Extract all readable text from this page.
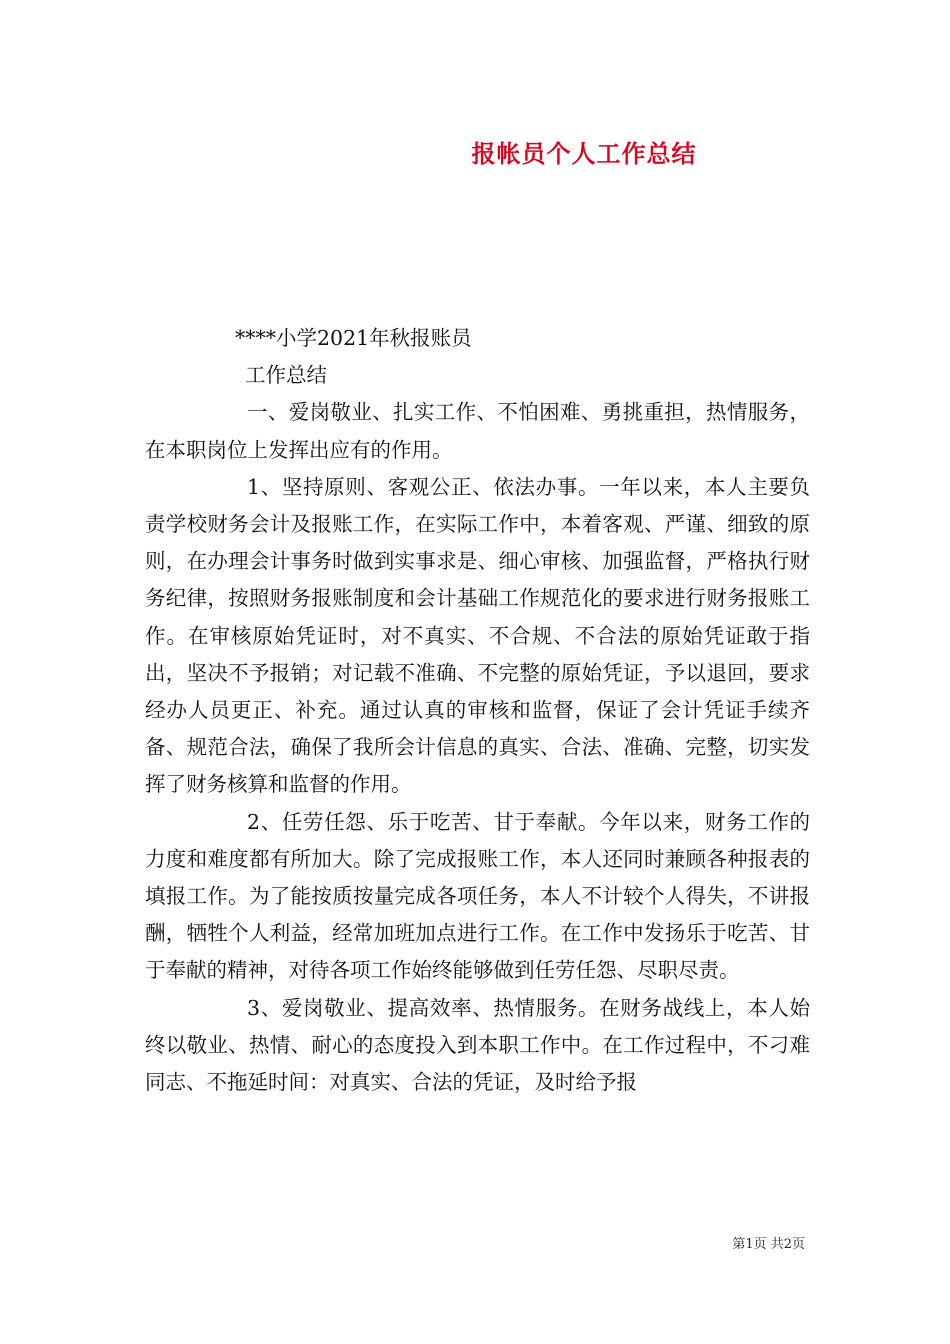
报帐员个人工作总结

****小学2021年秋报账员

工作总结

一、爱岗敬业、扎实工作、不怕困难、勇挑重担，热情服务，在本职岗位上发挥出应有的作用。

1、坚持原则、客观公正、依法办事。一年以来，本人主要负责学校财务会计及报账工作，在实际工作中，本着客观、严谨、细致的原则，在办理会计事务时做到实事求是、细心审核、加强监督，严格执行财务纪律，按照财务报账制度和会计基础工作规范化的要求进行财务报账工作。在审核原始凭证时，对不真实、不合规、不合法的原始凭证敢于指出，坚决不予报销；对记载不准确、不完整的原始凭证，予以退回，要求经办人员更正、补充。通过认真的审核和监督，保证了会计凭证手续齐备、规范合法，确保了我所会计信息的真实、合法、准确、完整，切实发挥了财务核算和监督的作用。

2、任劳任怨、乐于吃苦、甘于奉献。今年以来，财务工作的力度和难度都有所加大。除了完成报账工作，本人还同时兼顾各种报表的填报工作。为了能按质按量完成各项任务，本人不计较个人得失，不讲报酬，牺牲个人利益，经常加班加点进行工作。在工作中发扬乐于吃苦、甘于奉献的精神，对待各项工作始终能够做到任劳任怨、尽职尽责。

3、爱岗敬业、提高效率、热情服务。在财务战线上，本人始终以敬业、热情、耐心的态度投入到本职工作中。在工作过程中，不刁难同志、不拖延时间：对真实、合法的凭证，及时给予报

第1页 共2页
